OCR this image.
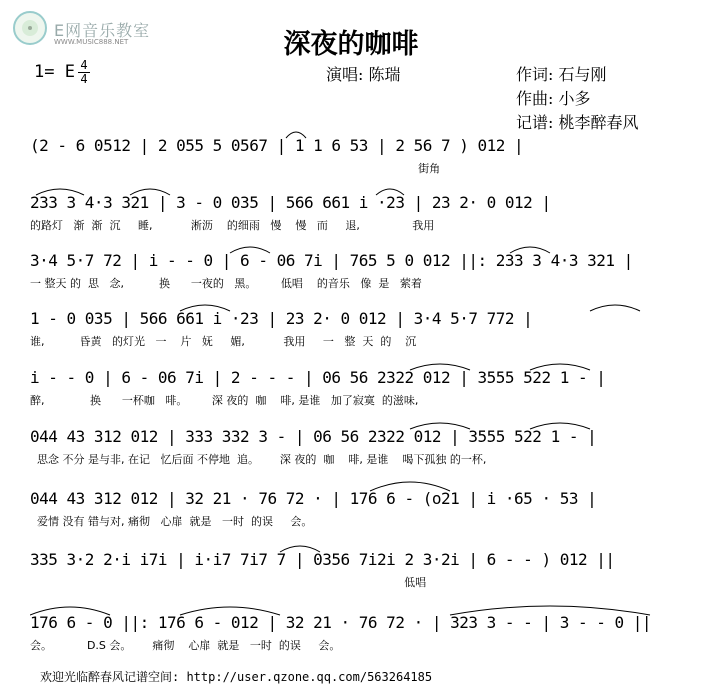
E网音乐教室
WWW.MUSIC888.NET	深夜的咖啡
1= E 4
4	演唱: 陈瑞	作词: 石与刚
作曲: 小多
记谱: 桃李醉春风
(2 - 6 0512 | 2 055 5 0567 | 1 1 6 53 | 2 56 7 ) 012 |
街角
233 3 4·3 321 | 3 - 0 035 | 566 661 i ·23 | 23 2· 0 012 |
的路灯   渐  渐  沉     睡,           淅沥    的细雨   慢    慢   而     退,               我用
3·4 5·7 72 | i - - 0 | 6 - 06 7i | 765 5 0 012 ||: 233 3 4·3 321 |
一 整天 的  思   念,          换      一夜的   黑。       低唱    的音乐   像  是   萦着
1 - 0 035 | 566 661 i ·23 | 23 2· 0 012 | 3·4 5·7 772 |
谁,          昏黄   的灯光   一    片   妩     媚,           我用     一   整  天  的    沉
i - - 0 | 6 - 06 7i | 2 - - - | 06 56 2322 012 | 3555 522 1 - |
醉,             换      一杯咖   啡。       深 夜的  咖    啡, 是谁   加了寂寞  的滋味,
044 43 312 012 | 333 332 3 - | 06 56 2322 012 | 3555 522 1 - |
思念 不分 是与非, 在记   忆后面 不停地  追。      深 夜的  咖    啡, 是谁    喝下孤独 的一杯,
044 43 312 012 | 32 21 · 76 72 · | 176 6 - (o21 | i ·65 · 53 |
爱情 没有 错与对, 痛彻   心扉  就是   一时  的误     会。
335 3·2 2·i i7i | i·i7 7i7 7 | 0356 7i2i 2 3·2i | 6 - - ) 012 ||
低唱
176 6 - 0 ||: 176 6 - 012 | 32 21 · 76 72 · | 323 3 - - | 3 - - 0 ||
会。          D.S 会。      痛彻    心扉  就是   一时  的误     会。
欢迎光临醉春风记谱空间: http://user.qzone.qq.com/563264185
